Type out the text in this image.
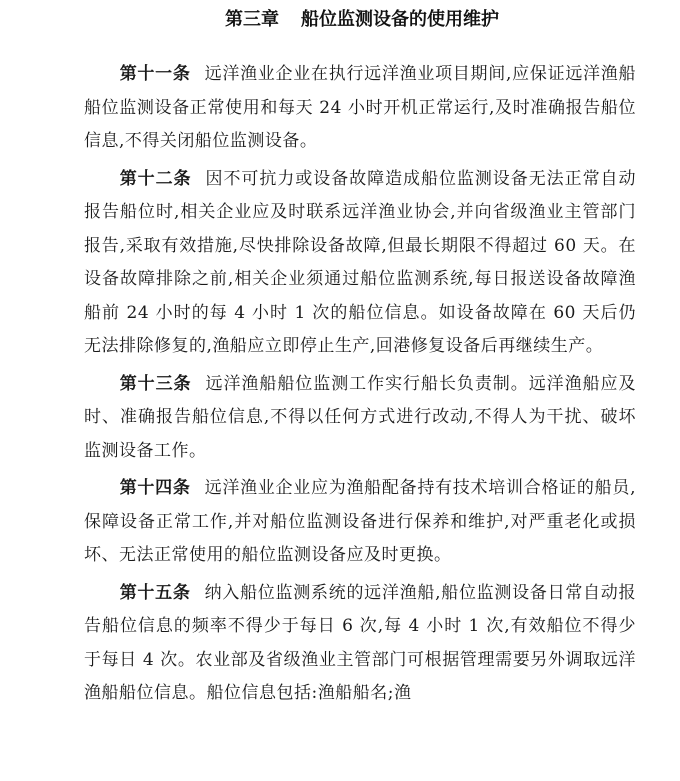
第三章 船位监测设备的使用维护

第十一条 远洋渔业企业在执行远洋渔业项目期间,应保证远洋渔船船位监测设备正常使用和每天 24 小时开机正常运行,及时准确报告船位信息,不得关闭船位监测设备。

第十二条 因不可抗力或设备故障造成船位监测设备无法正常自动报告船位时,相关企业应及时联系远洋渔业协会,并向省级渔业主管部门报告,采取有效措施,尽快排除设备故障,但最长期限不得超过 60 天。在设备故障排除之前,相关企业须通过船位监测系统,每日报送设备故障渔船前 24 小时的每 4 小时 1 次的船位信息。如设备故障在 60 天后仍无法排除修复的,渔船应立即停止生产,回港修复设备后再继续生产。

第十三条 远洋渔船船位监测工作实行船长负责制。远洋渔船应及时、准确报告船位信息,不得以任何方式进行改动,不得人为干扰、破坏监测设备工作。

第十四条 远洋渔业企业应为渔船配备持有技术培训合格证的船员,保障设备正常工作,并对船位监测设备进行保养和维护,对严重老化或损坏、无法正常使用的船位监测设备应及时更换。

第十五条 纳入船位监测系统的远洋渔船,船位监测设备日常自动报告船位信息的频率不得少于每日 6 次,每 4 小时 1 次,有效船位不得少于每日 4 次。农业部及省级渔业主管部门可根据管理需要另外调取远洋渔船船位信息。船位信息包括:渔船船名;渔
